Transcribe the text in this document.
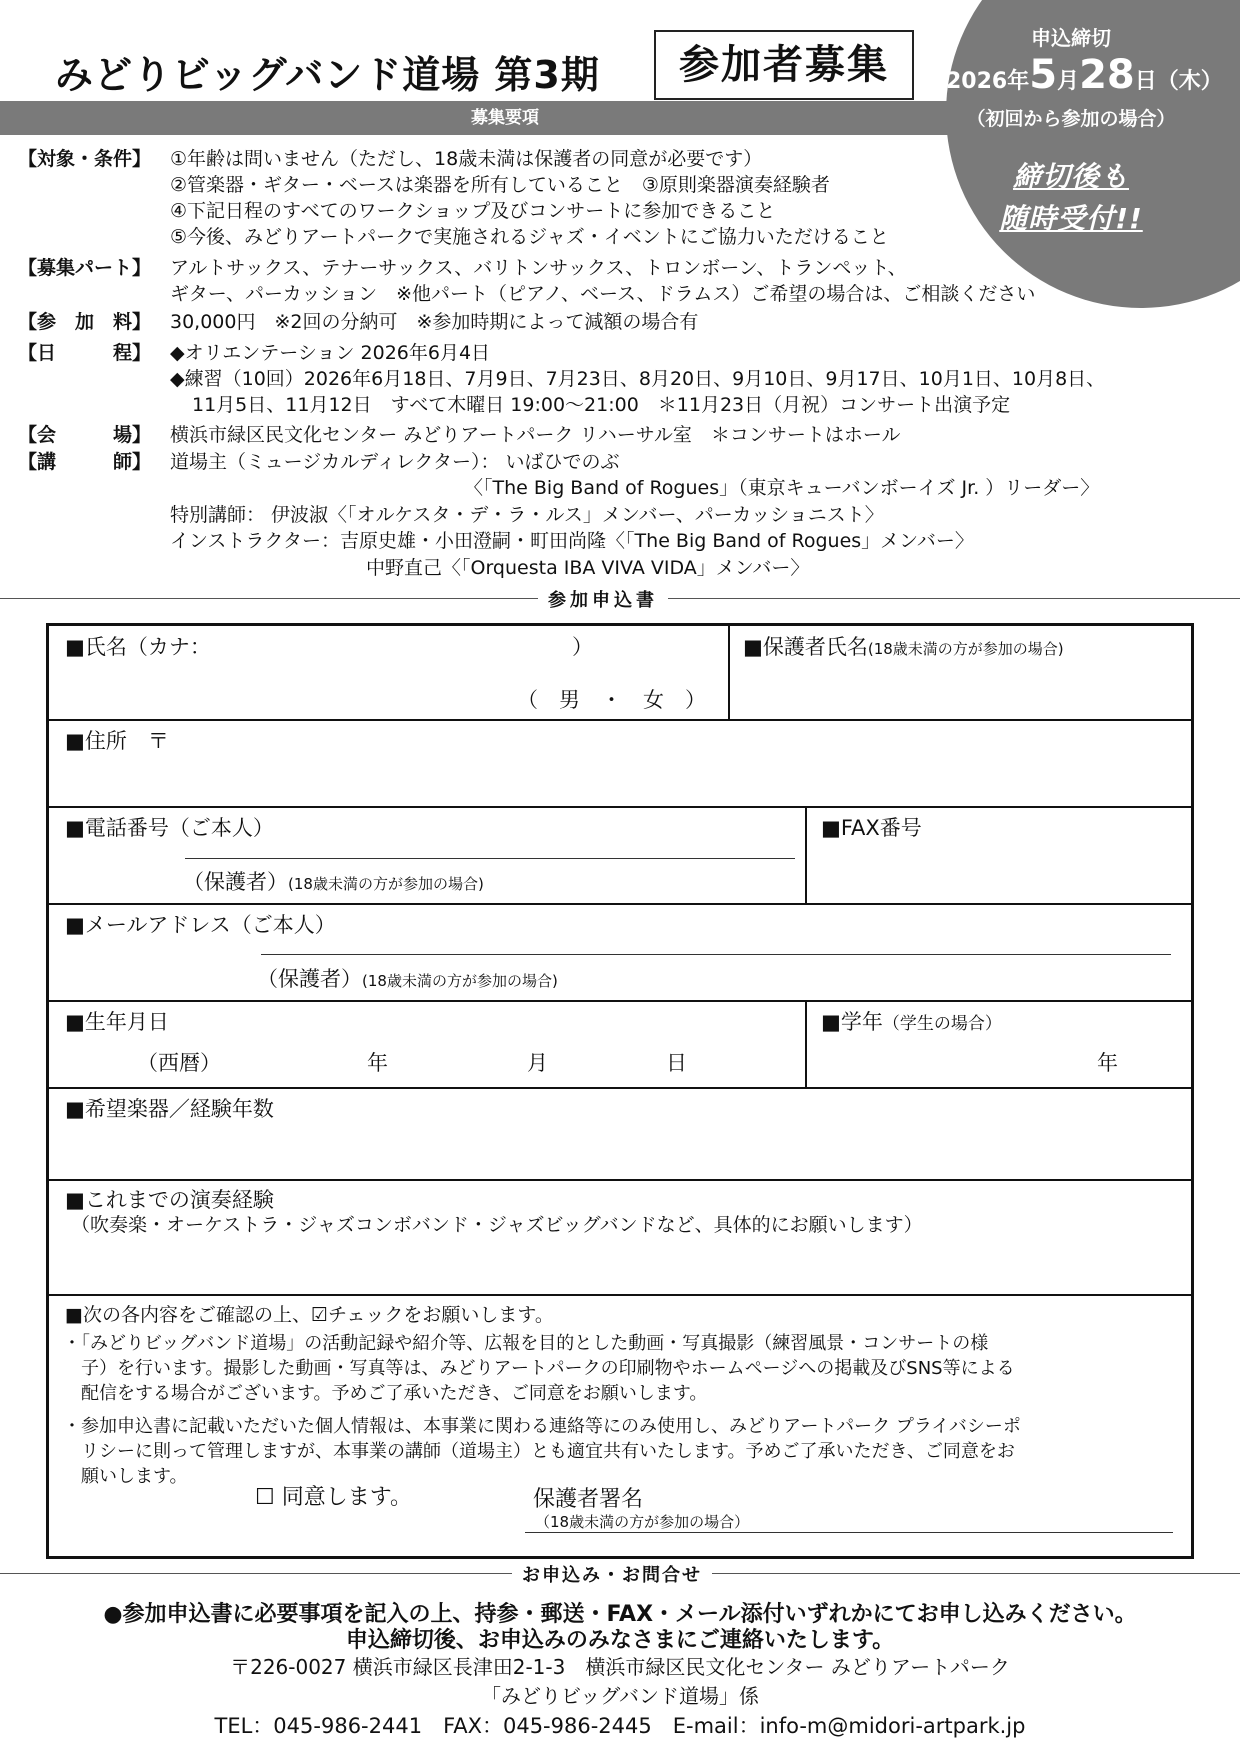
みどりビッグバンド道場 第3期	参加者募集
募集要項
申込締切
2026年5月28日（木）
（初回から参加の場合）
締切後も
随時受付!!
【対象・条件】 ①年齢は問いません（ただし、18歳未満は保護者の同意が必要です）
②管楽器・ギター・ベースは楽器を所有していること　③原則楽器演奏経験者
④下記日程のすべてのワークショップ及びコンサートに参加できること
⑤今後、みどりアートパークで実施されるジャズ・イベントにご協力いただけること
【募集パート】 アルトサックス、テナーサックス、バリトンサックス、トロンボーン、トランペット、
ギター、パーカッション　※他パート（ピアノ、ベース、ドラムス）ご希望の場合は、ご相談ください
【参　加　料】 30,000円　※2回の分納可　※参加時期によって減額の場合有
【日　　　程】 ◆オリエンテーション 2026年6月4日
◆練習（10回）2026年6月18日、7月9日、7月23日、8月20日、9月10日、9月17日、10月1日、10月8日、
11月5日、11月12日　すべて木曜日 19:00～21:00　＊11月23日（月祝）コンサート出演予定
【会　　　場】 横浜市緑区民文化センター みどりアートパーク リハーサル室　＊コンサートはホール
【講　　　師】 道場主（ミュージカルディレクター）： いばひでのぶ
〈「The Big Band of Rogues」（東京キューバンボーイズ Jr. ）リーダー〉
特別講師： 伊波淑〈「オルケスタ・デ・ラ・ルス」メンバー、パーカッショニスト〉
インストラクター：吉原史雄・小田澄嗣・町田尚隆〈「The Big Band of Rogues」メンバー〉
中野直己〈「Orquesta IBA VIVA VIDA」メンバー〉
参加申込書
■氏名（カナ：	）
（　男　・　女　）
■保護者氏名(18歳未満の方が参加の場合)
■住所　〒
■電話番号（ご本人）
（保護者）(18歳未満の方が参加の場合)
■FAX番号
■メールアドレス（ご本人）
（保護者）(18歳未満の方が参加の場合)
■生年月日
（西暦）	年	月	日
■学年（学生の場合）
年
■希望楽器／経験年数
■これまでの演奏経験
（吹奏楽・オーケストラ・ジャズコンボバンド・ジャズビッグバンドなど、具体的にお願いします）
■次の各内容をご確認の上、☑チェックをお願いします。
・「みどりビッグバンド道場」の活動記録や紹介等、広報を目的とした動画・写真撮影（練習風景・コンサートの様
　子）を行います。撮影した動画・写真等は、みどりアートパークの印刷物やホームページへの掲載及びSNS等による
　配信をする場合がございます。予めご了承いただき、ご同意をお願いします。
・参加申込書に記載いただいた個人情報は、本事業に関わる連絡等にのみ使用し、みどりアートパーク プライバシーポ
　リシーに則って管理しますが、本事業の講師（道場主）とも適宜共有いたします。予めご了承いただき、ご同意をお
　願いします。
☐ 同意します。	保護者署名
（18歳未満の方が参加の場合）
お申込み・お問合せ
●参加申込書に必要事項を記入の上、持参・郵送・FAX・メール添付いずれかにてお申し込みください。
申込締切後、お申込みのみなさまにご連絡いたします。
〒226-0027 横浜市緑区長津田2-1-3　横浜市緑区民文化センター みどりアートパーク
「みどりビッグバンド道場」係
TEL：045-986-2441　FAX：045-986-2445　E-mail：info-m@midori-artpark.jp
